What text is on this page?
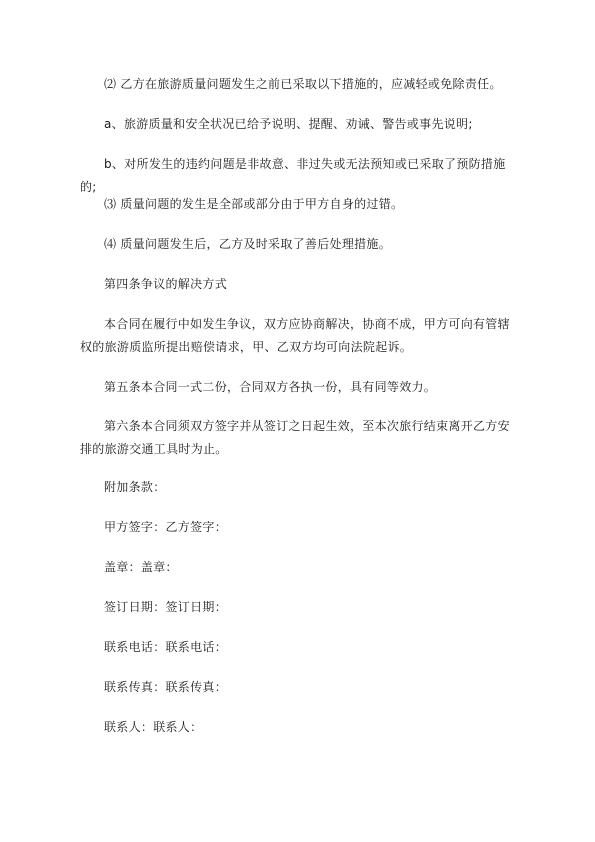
⑵ 乙方在旅游质量问题发生之前已采取以下措施的，应减轻或免除责任。
a、旅游质量和安全状况已给予说明、提醒、劝诫、警告或事先说明;
b、对所发生的违约问题是非故意、非过失或无法预知或已采取了预防措施的;
⑶ 质量问题的发生是全部或部分由于甲方自身的过错。
⑷ 质量问题发生后，乙方及时采取了善后处理措施。
第四条争议的解决方式
本合同在履行中如发生争议，双方应协商解决，协商不成，甲方可向有管辖权的旅游质监所提出赔偿请求，甲、乙双方均可向法院起诉。
第五条本合同一式二份，合同双方各执一份，具有同等效力。
第六条本合同须双方签字并从签订之日起生效，至本次旅行结束离开乙方安排的旅游交通工具时为止。
附加条款：
甲方签字：乙方签字：
盖章：盖章：
签订日期：签订日期：
联系电话：联系电话：
联系传真：联系传真：
联系人：联系人：
